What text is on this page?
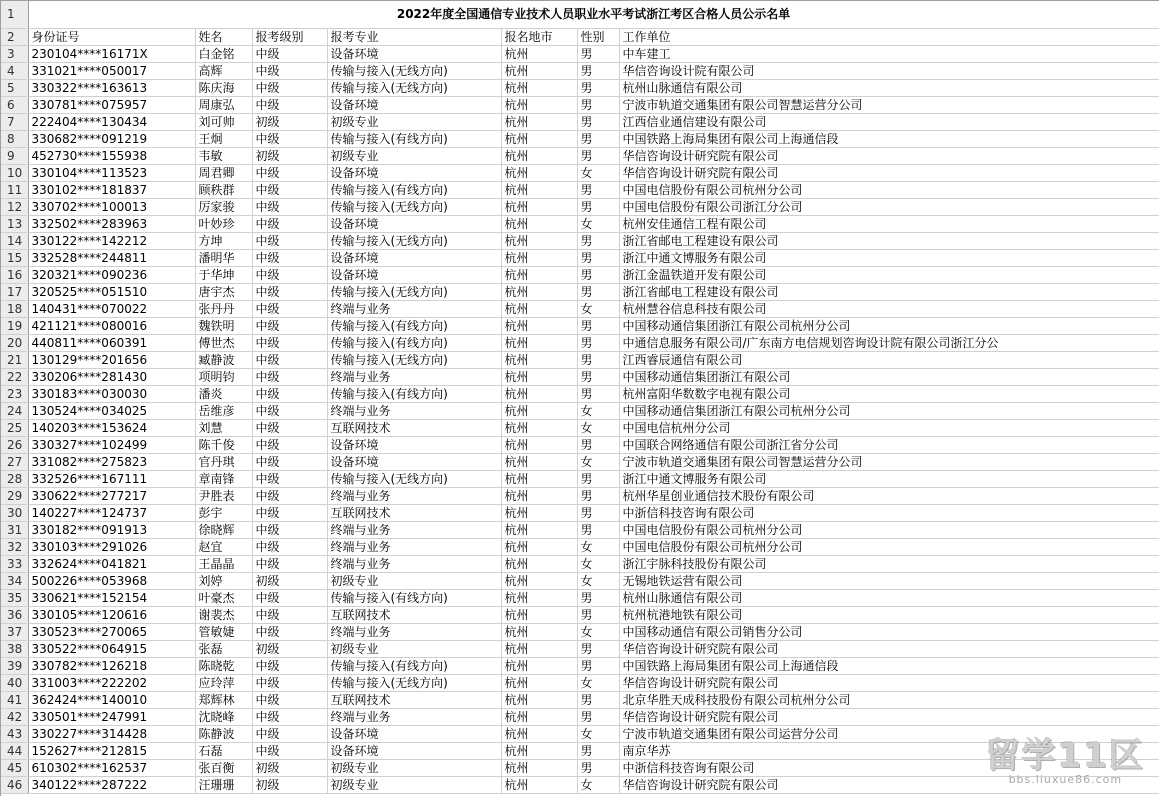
1	2022年度全国通信专业技术人员职业水平考试浙江考区合格人员公示名单						
2	身份证号	姓名	报考级别	报考专业	报名地市	性别	工作单位
3	230104****16171X	白金铭	中级	设备环境	杭州	男	中车建工
4	331021****050017	高辉	中级	传输与接入(无线方向)	杭州	男	华信咨询设计院有限公司
5	330322****163613	陈庆海	中级	传输与接入(无线方向)	杭州	男	杭州山脉通信有限公司
6	330781****075957	周康弘	中级	设备环境	杭州	男	宁波市轨道交通集团有限公司智慧运营分公司
7	222404****130434	刘可帅	初级	初级专业	杭州	男	江西信业通信建设有限公司
8	330682****091219	王炯	中级	传输与接入(有线方向)	杭州	男	中国铁路上海局集团有限公司上海通信段
9	452730****155938	韦敏	初级	初级专业	杭州	男	华信咨询设计研究院有限公司
10	330104****113523	周君卿	中级	设备环境	杭州	女	华信咨询设计研究院有限公司
11	330102****181837	顾秩群	中级	传输与接入(有线方向)	杭州	男	中国电信股份有限公司杭州分公司
12	330702****100013	厉家骏	中级	传输与接入(无线方向)	杭州	男	中国电信股份有限公司浙江分公司
13	332502****283963	叶妙珍	中级	设备环境	杭州	女	杭州安佳通信工程有限公司
14	330122****142212	方坤	中级	传输与接入(无线方向)	杭州	男	浙江省邮电工程建设有限公司
15	332528****244811	潘明华	中级	设备环境	杭州	男	浙江中通文博服务有限公司
16	320321****090236	于华坤	中级	设备环境	杭州	男	浙江金温铁道开发有限公司
17	320525****051510	唐宇杰	中级	传输与接入(无线方向)	杭州	男	浙江省邮电工程建设有限公司
18	140431****070022	张丹丹	中级	终端与业务	杭州	女	杭州慧谷信息科技有限公司
19	421121****080016	魏铁明	中级	传输与接入(有线方向)	杭州	男	中国移动通信集团浙江有限公司杭州分公司
20	440811****060391	傅世杰	中级	传输与接入(有线方向)	杭州	男	中通信息服务有限公司/广东南方电信规划咨询设计院有限公司浙江分公
21	130129****201656	臧静波	中级	传输与接入(无线方向)	杭州	男	江西睿辰通信有限公司
22	330206****281430	项明钧	中级	终端与业务	杭州	男	中国移动通信集团浙江有限公司
23	330183****030030	潘炎	中级	传输与接入(有线方向)	杭州	男	杭州富阳华数数字电视有限公司
24	130524****034025	岳维彦	中级	终端与业务	杭州	女	中国移动通信集团浙江有限公司杭州分公司
25	140203****153624	刘慧	中级	互联网技术	杭州	女	中国电信杭州分公司
26	330327****102499	陈千俊	中级	设备环境	杭州	男	中国联合网络通信有限公司浙江省分公司
27	331082****275823	官丹琪	中级	设备环境	杭州	女	宁波市轨道交通集团有限公司智慧运营分公司
28	332526****167111	章南锋	中级	传输与接入(无线方向)	杭州	男	浙江中通文博服务有限公司
29	330622****277217	尹胜表	中级	终端与业务	杭州	男	杭州华星创业通信技术股份有限公司
30	140227****124737	彭宇	中级	互联网技术	杭州	男	中浙信科技咨询有限公司
31	330182****091913	徐晓辉	中级	终端与业务	杭州	男	中国电信股份有限公司杭州分公司
32	330103****291026	赵宜	中级	终端与业务	杭州	女	中国电信股份有限公司杭州分公司
33	332624****041821	王晶晶	中级	终端与业务	杭州	女	浙江宇脉科技股份有限公司
34	500226****053968	刘婷	初级	初级专业	杭州	女	无锡地铁运营有限公司
35	330621****152154	叶豪杰	中级	传输与接入(有线方向)	杭州	男	杭州山脉通信有限公司
36	330105****120616	谢裴杰	中级	互联网技术	杭州	男	杭州杭港地铁有限公司
37	330523****270065	管敏婕	中级	终端与业务	杭州	女	中国移动通信有限公司销售分公司
38	330522****064915	张磊	初级	初级专业	杭州	男	华信咨询设计研究院有限公司
39	330782****126218	陈晓乾	中级	传输与接入(有线方向)	杭州	男	中国铁路上海局集团有限公司上海通信段
40	331003****222202	应玲萍	中级	传输与接入(无线方向)	杭州	女	华信咨询设计研究院有限公司
41	362424****140010	郑辉林	中级	互联网技术	杭州	男	北京华胜天成科技股份有限公司杭州分公司
42	330501****247991	沈晓峰	中级	终端与业务	杭州	男	华信咨询设计研究院有限公司
43	330227****314428	陈静波	中级	设备环境	杭州	女	宁波市轨道交通集团有限公司运营分公司
44	152627****212815	石磊	中级	设备环境	杭州	男	南京华苏
45	610302****162537	张百衡	初级	初级专业	杭州	男	中浙信科技咨询有限公司
46	340122****287222	汪珊珊	初级	初级专业	杭州	女	华信咨询设计研究院有限公司
留学11区
bbs.liuxue86.com
